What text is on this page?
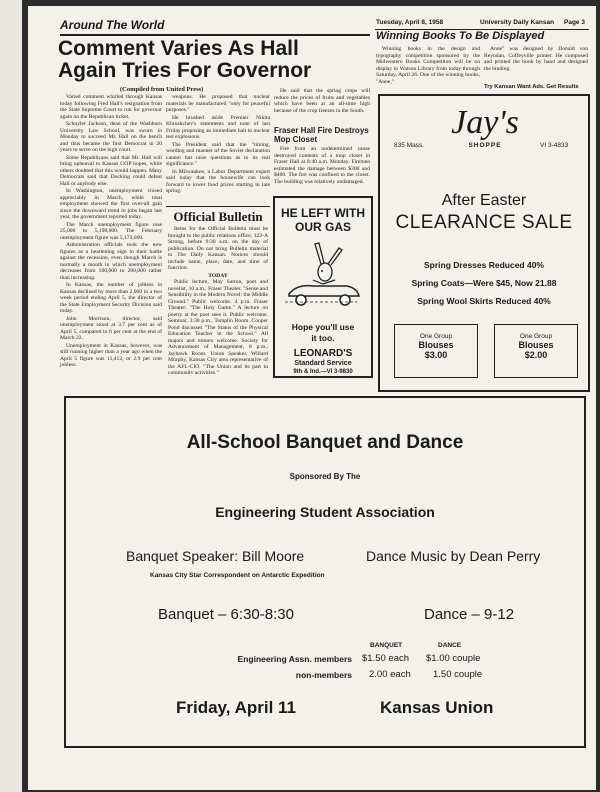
Around The World	Tuesday, April 8, 1958	University Daily Kansan Page 3
Comment Varies As Hall
Again Tries For Governor
(Compiled from United Press)

Varied comment whirled through Kansas today following Fred Hall's resignation from the State Supreme Court to run for governor again on the Republican ticket.

Schuyler Jackson, dean of the Washburn University Law School, was sworn in Monday to succeed Mr. Hall on the bench and thus became the first Democrat in 20 years to serve on the high court.

Some Republicans said that Mr. Hall will bring upheaval to Kansas GOP hopes, while others doubted that this would happen. Many Democrats said that Docking could defeat Hall or anybody else.

In Washington, unemployment closed appreciably in March, while total employment showed the first over-all gain since the downward trend in jobs began last year, the government reported today.

The March unemployment figure rose 25,000 to 5,198,000. The February unemployment figure was 5,173,000.

Administration officials took the new figures as a heartening sign in their battle against the recession, even though March is normally a month in which unemployment decreases from 100,000 to 200,000 rather than increasing.

In Kansas, the number of jobless in Kansas declined by more than 2,000 in a two week period ending April 5, the director of the State Employment Security Division said today.

John Morrison, director, said unemployment stood at 3.7 per cent as of April 5, compared to 6 per cent at the end of March 22.

Unemployment in Kansas, however, was still running higher than a year ago when the April 5 figure was 11,412, or 2.9 per cent jobless.

weapons. He proposed that nuclear materials be manufactured "only for peaceful purposes."

He brushed aside Premier Nikita Khrushchev's statements and note of last Friday proposing an immediate halt to nuclear test explosions.

The President said that the "timing, wording and manner of the Soviet declaration cannot but raise questions as to its real significance."

In Milwaukee, a Labor Department expert said today that the housewife can look forward to lower food prices starting in late spring.

He said that the spring crops will reduce the prices of fruits and vegetables which have been at an all-time high because of the crop freezes in the South.

Fraser Hall Fire Destroys Mop Closet

Fire from an undetermined cause destroyed contents of a mop closet in Fraser Hall at 8:40 a.m. Monday. Firemen estimated the damage between $300 and $400. The fire was confined to the closet. The building was relatively undamaged.

Official Bulletin

Items for the Official Bulletin must be brought to the public relations office, 122-A Strong, before 9:30 a.m. on the day of publication. Do not bring Bulletin material to The Daily Kansan. Notices should include name, place, date, and time of function.

TODAY

Public lecture, May Sarton, poet and novelist, 10 a.m., Fraser Theater. "Sense and Sensibility in the Modern Novel: the Middle Ground." Public welcome. 4 p.m. Fraser Theater: "The Holy Game." A lecture on poetry at the poet sees it. Public welcome. Seminar, 3:30 p.m., Templin Room. Cooper Pond discusses "The Status of the Physical Education Teacher in the School." All majors and minors welcome. Society for Advancement of Management, 8 p.m., Jayhawk Room. Union Speaker, Willard Murphy, Kansas City area representative of the AFL-CIO. "The Union and its part in community activities."

HE LEFT WITH
OUR GAS
Hope you'll use
it too.
LEONARD'S
Standard Service
9th & Ind.—VI 3-9830
Winning Books To Be Displayed

Winning books in the design and typography competition sponsored by the Midwestern Books Competition will be on display in Watson Library from today through Saturday, April 26. One of the winning books, "Anne,"

Anne" was designed by Donald von Reyndan, Coffeyville printer. He composed and printed the book by hand and designed the binding.

Try Kansan Want Ads. Get Results
835 Mass.	VI 3-4833
Jay's
SHOPPE
After Easter
CLEARANCE SALE
Spring Dresses Reduced 40%
Spring Coats—Were $45, Now 21.88
Spring Wool Skirts Reduced 40%
One Group
Blouses
$3.00
One Group
Blouses
$2.00
All-School Banquet and Dance
Sponsored By The
Engineering Student Association
Banquet Speaker: Bill Moore	Dance Music by Dean Perry
Kansas City Star Correspondent on Antarctic Expedition
Banquet – 6:30-8:30	Dance – 9-12
BANQUET	DANCE
Engineering Assn. members $1.50 each $1.00 couple
non-members 2.00 each 1.50 couple
Friday, April 11	Kansas Union
